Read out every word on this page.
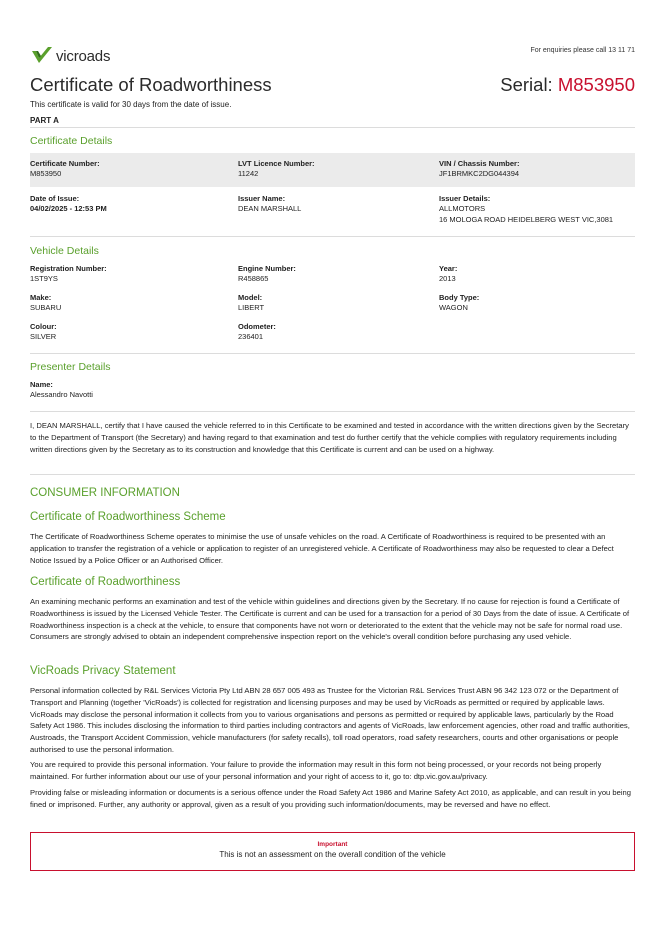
vicroads	For enquiries please call 13 11 71
Certificate of Roadworthiness	Serial: M853950
This certificate is valid for 30 days from the date of issue.
PART A
Certificate Details
Certificate Number:
M853950
LVT Licence Number:
11242
VIN / Chassis Number:
JF1BRMKC2DG044394
Date of Issue:
04/02/2025 - 12:53 PM
Issuer Name:
DEAN MARSHALL
Issuer Details:
ALLMOTORS
16 MOLOGA ROAD HEIDELBERG WEST VIC,3081
Vehicle Details
Registration Number:
1ST9YS
Engine Number:
R458865
Year:
2013
Make:
SUBARU
Model:
LIBERT
Body Type:
WAGON
Colour:
SILVER
Odometer:
236401
Presenter Details
Name:
Alessandro Navotti
I, DEAN MARSHALL, certify that I have caused the vehicle referred to in this Certificate to be examined and tested in accordance with the written directions given by the Secretary to the Department of Transport (the Secretary) and having regard to that examination and test do further certify that the vehicle complies with regulatory requirements including written directions given by the Secretary as to its construction and knowledge that this Certificate is current and can be used on a highway.
CONSUMER INFORMATION
Certificate of Roadworthiness Scheme
The Certificate of Roadworthiness Scheme operates to minimise the use of unsafe vehicles on the road. A Certificate of Roadworthiness is required to be presented with an application to transfer the registration of a vehicle or application to register of an unregistered vehicle. A Certificate of Roadworthiness may also be requested to clear a Defect Notice Issued by a Police Officer or an Authorised Officer.
Certificate of Roadworthiness
An examining mechanic performs an examination and test of the vehicle within guidelines and directions given by the Secretary. If no cause for rejection is found a Certificate of Roadworthiness is issued by the Licensed Vehicle Tester. The Certificate is current and can be used for a transaction for a period of 30 Days from the date of issue. A Certificate of Roadworthiness inspection is a check at the vehicle, to ensure that components have not worn or deteriorated to the extent that the vehicle may not be safe for normal road use. Consumers are strongly advised to obtain an independent comprehensive inspection report on the vehicle's overall condition before purchasing any used vehicle.
VicRoads Privacy Statement
Personal information collected by R&L Services Victoria Pty Ltd ABN 28 657 005 493 as Trustee for the Victorian R&L Services Trust ABN 96 342 123 072 or the Department of Transport and Planning (together 'VicRoads') is collected for registration and licensing purposes and may be used by VicRoads as permitted or required by applicable laws. VicRoads may disclose the personal information it collects from you to various organisations and persons as permitted or required by applicable laws, particularly by the Road Safety Act 1986. This includes disclosing the information to third parties including contractors and agents of VicRoads, law enforcement agencies, other road and traffic authorities, Austroads, the Transport Accident Commission, vehicle manufacturers (for safety recalls), toll road operators, road safety researchers, courts and other organisations or people authorised to use the personal information.
You are required to provide this personal information. Your failure to provide the information may result in this form not being processed, or your records not being properly maintained. For further information about our use of your personal information and your right of access to it, go to: dtp.vic.gov.au/privacy.
Providing false or misleading information or documents is a serious offence under the Road Safety Act 1986 and Marine Safety Act 2010, as applicable, and can result in you being fined or imprisoned. Further, any authority or approval, given as a result of you providing such information/documents, may be reversed and have no effect.
Important
This is not an assessment on the overall condition of the vehicle
